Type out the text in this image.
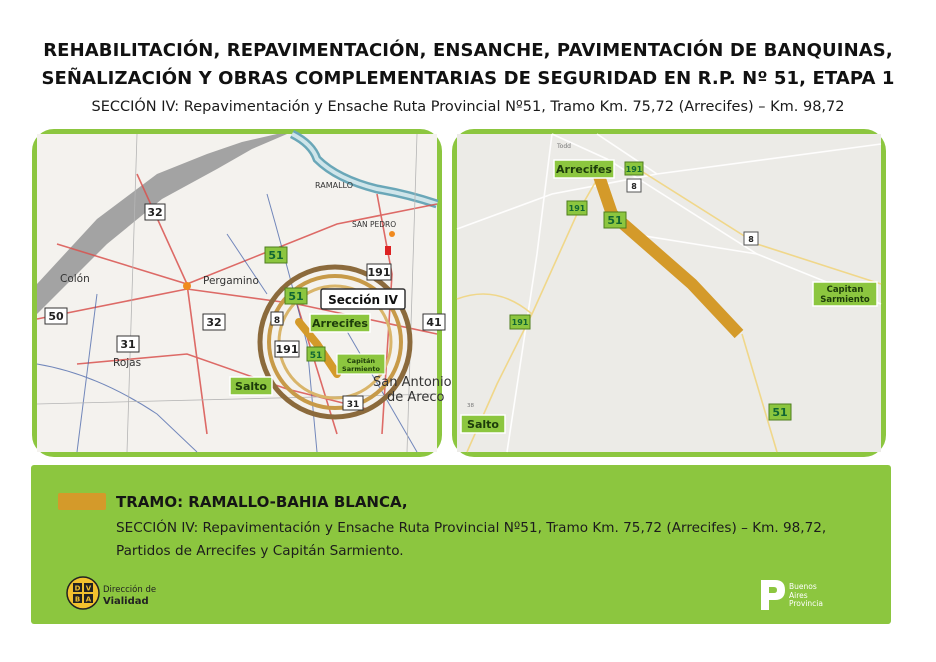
REHABILITACIÓN, REPAVIMENTACIÓN, ENSANCHE, PAVIMENTACIÓN DE BANQUINAS,
SEÑALIZACIÓN Y OBRAS COMPLEMENTARIAS DE SEGURIDAD EN R.P. Nº 51, ETAPA 1
SECCIÓN IV: Repavimentación y Ensache Ruta Provincial Nº51, Tramo Km. 75,72 (Arrecifes) – Km. 98,72
32
51
191
50
31
8	41
32
191
51
51
31
RAMALLO
SAN PEDRO
Pergamino
Colón
Rojas
San Antonio
de Areco
Arrecifes
Salto
Capitán
Sarmiento
Sección IV
Arrecifes
Salto
Capitan
Sarmiento
191
8
51
8
191
191
51
Todd
38
TRAMO: RAMALLO-BAHIA BLANCA,
SECCIÓN IV: Repavimentación y Ensache Ruta Provincial Nº51, Tramo Km. 75,72 (Arrecifes) – Km. 98,72,
Partidos de Arrecifes y Capitán Sarmiento.
D V
B A
Dirección de
Vialidad
Buenos
Aires
Provincia
